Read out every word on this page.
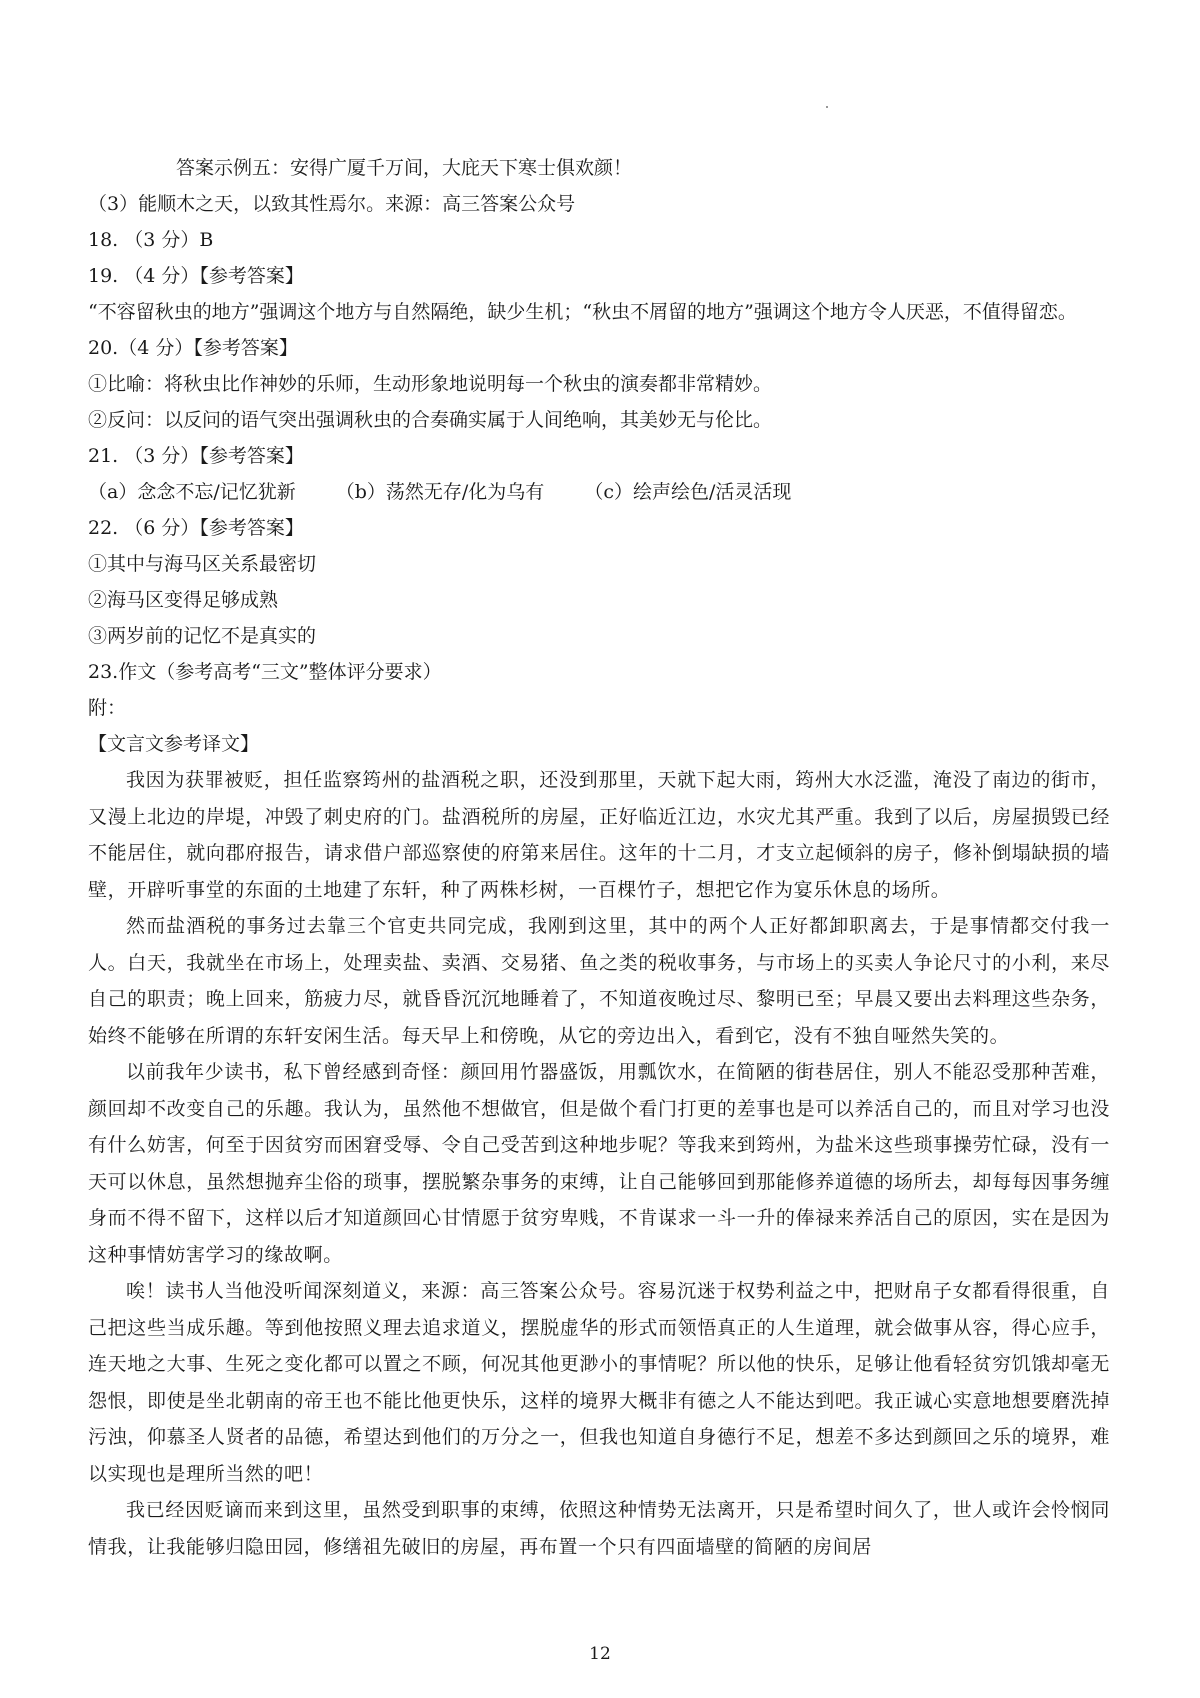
答案示例五：安得广厦千万间，大庇天下寒士俱欢颜！

（3）能顺木之天，以致其性焉尔。来源：高三答案公众号

18. （3 分）B

19. （4 分）【参考答案】

“不容留秋虫的地方”强调这个地方与自然隔绝，缺少生机；“秋虫不屑留的地方”强调这个地方令人厌恶，不值得留恋。

20.（4 分）【参考答案】

①比喻：将秋虫比作神妙的乐师，生动形象地说明每一个秋虫的演奏都非常精妙。

②反问：以反问的语气突出强调秋虫的合奏确实属于人间绝响，其美妙无与伦比。

21. （3 分）【参考答案】

（a）念念不忘/记忆犹新 （b）荡然无存/化为乌有 （c）绘声绘色/活灵活现

22. （6 分）【参考答案】

①其中与海马区关系最密切

②海马区变得足够成熟

③两岁前的记忆不是真实的

23.作文（参考高考“三文”整体评分要求）

附：

【文言文参考译文】

我因为获罪被贬，担任监察筠州的盐酒税之职，还没到那里，天就下起大雨，筠州大水泛滥，淹没了南边的街市，又漫上北边的岸堤，冲毁了刺史府的门。盐酒税所的房屋，正好临近江边，水灾尤其严重。我到了以后，房屋损毁已经不能居住，就向郡府报告，请求借户部巡察使的府第来居住。这年的十二月，才支立起倾斜的房子，修补倒塌缺损的墙壁，开辟听事堂的东面的土地建了东轩，种了两株杉树，一百棵竹子，想把它作为宴乐休息的场所。

然而盐酒税的事务过去靠三个官吏共同完成，我刚到这里，其中的两个人正好都卸职离去，于是事情都交付我一人。白天，我就坐在市场上，处理卖盐、卖酒、交易猪、鱼之类的税收事务，与市场上的买卖人争论尺寸的小利，来尽自己的职责；晚上回来，筋疲力尽，就昏昏沉沉地睡着了，不知道夜晚过尽、黎明已至；早晨又要出去料理这些杂务，始终不能够在所谓的东轩安闲生活。每天早上和傍晚，从它的旁边出入，看到它，没有不独自哑然失笑的。

以前我年少读书，私下曾经感到奇怪：颜回用竹器盛饭，用瓢饮水，在简陋的街巷居住，别人不能忍受那种苦难，颜回却不改变自己的乐趣。我认为，虽然他不想做官，但是做个看门打更的差事也是可以养活自己的，而且对学习也没有什么妨害，何至于因贫穷而困窘受辱、令自己受苦到这种地步呢？等我来到筠州，为盐米这些琐事操劳忙碌，没有一天可以休息，虽然想抛弃尘俗的琐事，摆脱繁杂事务的束缚，让自己能够回到那能修养道德的场所去，却每每因事务缠身而不得不留下，这样以后才知道颜回心甘情愿于贫穷卑贱，不肯谋求一斗一升的俸禄来养活自己的原因，实在是因为这种事情妨害学习的缘故啊。

唉！读书人当他没听闻深刻道义，来源：高三答案公众号。容易沉迷于权势利益之中，把财帛子女都看得很重，自己把这些当成乐趣。等到他按照义理去追求道义，摆脱虚华的形式而领悟真正的人生道理，就会做事从容，得心应手，连天地之大事、生死之变化都可以置之不顾，何况其他更渺小的事情呢？所以他的快乐，足够让他看轻贫穷饥饿却毫无怨恨，即使是坐北朝南的帝王也不能比他更快乐，这样的境界大概非有德之人不能达到吧。我正诚心实意地想要磨洗掉污浊，仰慕圣人贤者的品德，希望达到他们的万分之一，但我也知道自身德行不足，想差不多达到颜回之乐的境界，难以实现也是理所当然的吧！

我已经因贬谪而来到这里，虽然受到职事的束缚，依照这种情势无法离开，只是希望时间久了，世人或许会怜悯同情我，让我能够归隐田园，修缮祖先破旧的房屋，再布置一个只有四面墙壁的简陋的房间居

12
